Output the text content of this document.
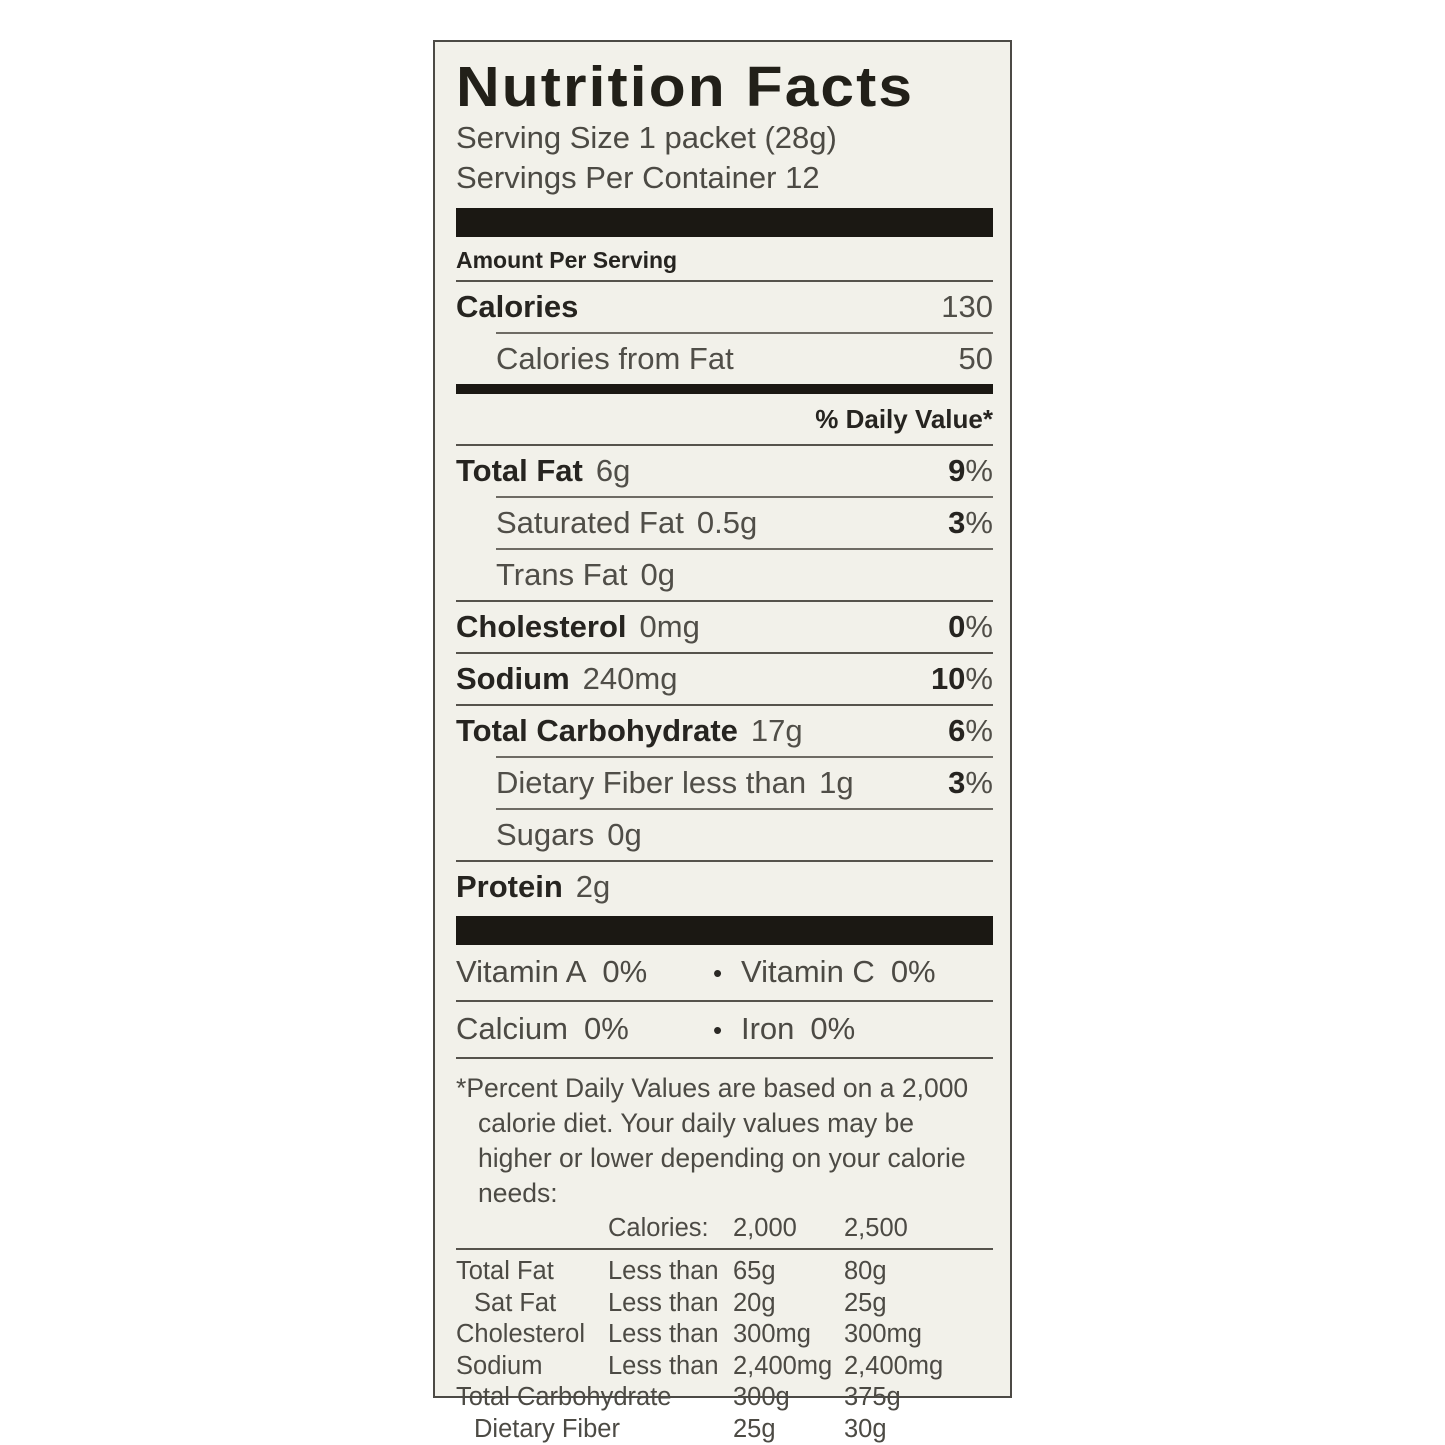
Nutrition Facts
Serving Size 1 packet (28g)
Servings Per Container 12
Amount Per Serving
Calories	130
Calories from Fat	50
% Daily Value*
Total Fat 6g	9%
Saturated Fat 0.5g	3%
Trans Fat 0g
Cholesterol 0mg	0%
Sodium 240mg	10%
Total Carbohydrate 17g	6%
Dietary Fiber less than 1g	3%
Sugars 0g
Protein 2g
Vitamin A 0%	• Vitamin C 0%
Calcium 0%	• Iron 0%
*Percent Daily Values are based on a 2,000 calorie diet. Your daily values may be higher or lower depending on your calorie needs:
Calories: 2,000	2,500
Total Fat	Less than 65g	80g
Sat Fat	Less than 20g	25g
Cholesterol Less than 300mg	300mg
Sodium	Less than 2,400mg 2,400mg
Total Carbohydrate	300g	375g
Dietary Fiber	25g	30g
